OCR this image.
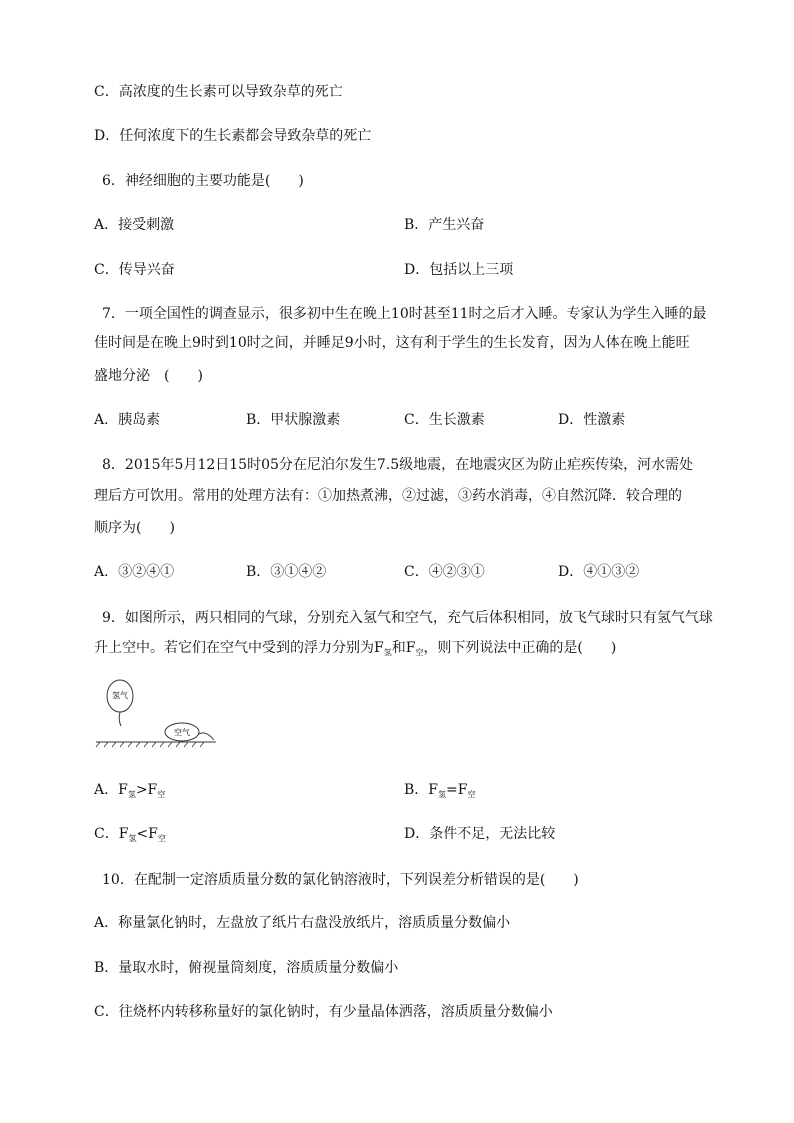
C．高浓度的生长素可以导致杂草的死亡
D．任何浓度下的生长素都会导致杂草的死亡
6．神经细胞的主要功能是(　　)
A．接受刺激	B．产生兴奋
C．传导兴奋	D．包括以上三项
7．一项全国性的调查显示，很多初中生在晚上10时甚至11时之后才入睡。专家认为学生入睡的最
佳时间是在晚上9时到10时之间，并睡足9小时，这有利于学生的生长发育，因为人体在晚上能旺
盛地分泌　(　　)
A．胰岛素	B．甲状腺激素	C．生长激素	D．性激素
8．2015年5月12日15时05分在尼泊尔发生7.5级地震，在地震灾区为防止疟疾传染，河水需处
理后方可饮用。常用的处理方法有：①加热煮沸，②过滤，③药水消毒，④自然沉降．较合理的
顺序为(　　)
A．③②④①	B．③①④②	C．④②③①	D．④①③②
9．如图所示，两只相同的气球，分别充入氢气和空气，充气后体积相同，放飞气球时只有氢气气球
升上空中。若它们在空气中受到的浮力分别为$F_氢$和$F_空$，则下列说法中正确的是(　　)
氢气
空气
A．$F_氢>F_空$	B．$F_氢=F_空$
C．$F_氢<F_空$	D．条件不足，无法比较
10．在配制一定溶质质量分数的氯化钠溶液时，下列误差分析错误的是(　　)
A．称量氯化钠时，左盘放了纸片右盘没放纸片，溶质质量分数偏小
B．量取水时，俯视量筒刻度，溶质质量分数偏小
C．往烧杯内转移称量好的氯化钠时，有少量晶体洒落，溶质质量分数偏小
